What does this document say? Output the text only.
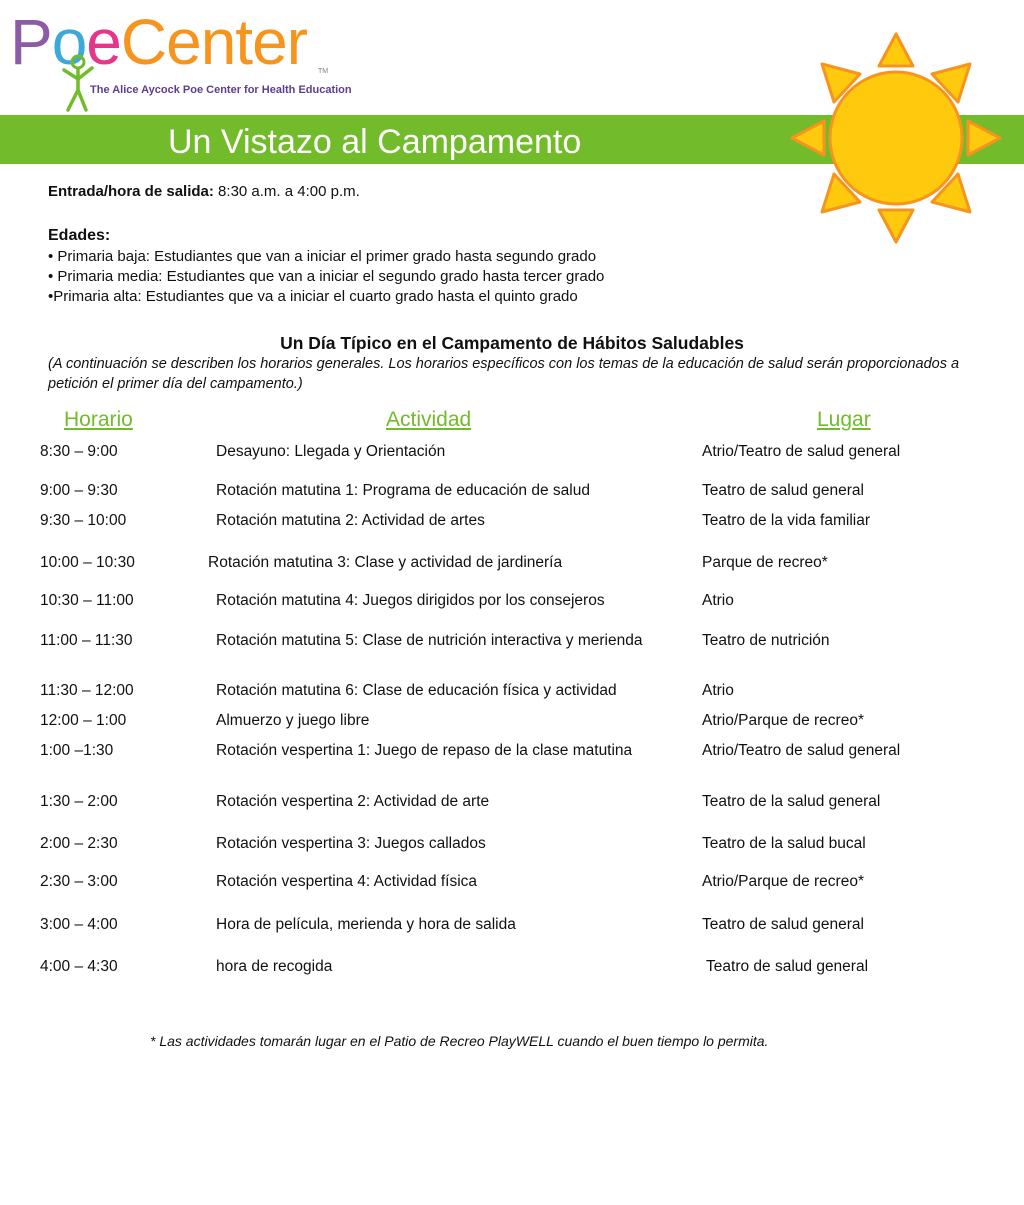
PoeCenter TM
The Alice Aycock Poe Center for Health Education
Un Vistazo al Campamento
Entrada/hora de salida: 8:30 a.m. a 4:00 p.m.
Edades:
• Primaria baja: Estudiantes que van a iniciar el primer grado hasta segundo grado
• Primaria media: Estudiantes que van a iniciar el segundo grado hasta tercer grado
•Primaria alta: Estudiantes que va a iniciar el cuarto grado hasta el quinto grado
Un Día Típico en el Campamento de Hábitos Saludables
(A continuación se describen los horarios generales. Los horarios específicos con los temas de la educación de salud serán proporcionados a
petición el primer día del campamento.)
Horario	Actividad	Lugar
8:30 – 9:00	Desayuno: Llegada y Orientación	Atrio/Teatro de salud general
9:00 – 9:30	Rotación matutina 1: Programa de educación de salud	Teatro de salud general
9:30 – 10:00	Rotación matutina 2: Actividad de artes	Teatro de la vida familiar
10:00 – 10:30	Rotación matutina 3: Clase y actividad de jardinería	Parque de recreo*
10:30 – 11:00	Rotación matutina 4: Juegos dirigidos por los consejeros	Atrio
11:00 – 11:30	Rotación matutina 5: Clase de nutrición interactiva y merienda	Teatro de nutrición
11:30 – 12:00	Rotación matutina 6: Clase de educación física y actividad	Atrio
12:00 – 1:00	Almuerzo y juego libre	Atrio/Parque de recreo*
1:00 –1:30	Rotación vespertina 1: Juego de repaso de la clase matutina	Atrio/Teatro de salud general
1:30 – 2:00	Rotación vespertina 2: Actividad de arte	Teatro de la salud general
2:00 – 2:30	Rotación vespertina 3: Juegos callados	Teatro de la salud bucal
2:30 – 3:00	Rotación vespertina 4: Actividad física	Atrio/Parque de recreo*
3:00 – 4:00	Hora de película, merienda y hora de salida	Teatro de salud general
4:00 – 4:30	hora de recogida	Teatro de salud general
* Las actividades tomarán lugar en el Patio de Recreo PlayWELL cuando el buen tiempo lo permita.
